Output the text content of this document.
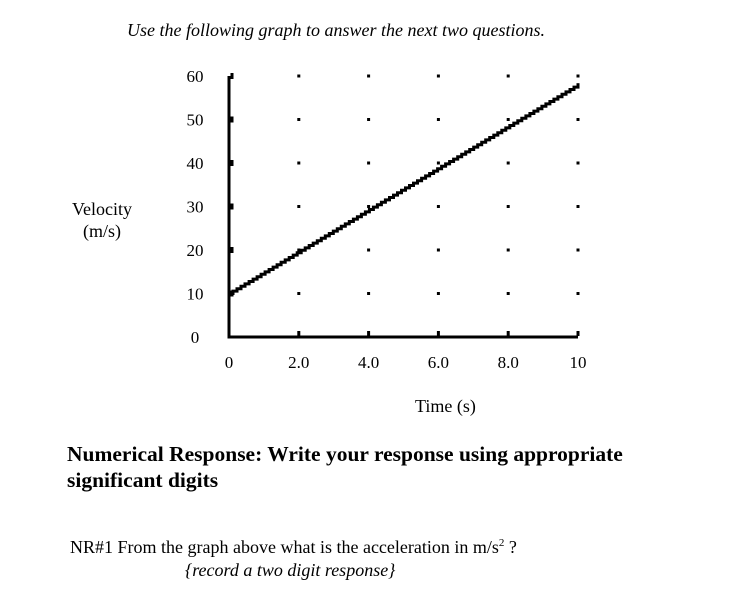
Use the following graph to answer the next two questions.
Velocity
(m/s)
0
10
20
30
40
50
60
0	2.0	4.0	6.0	8.0	10
Time (s)
Numerical Response: Write your response using appropriate significant digits
NR#1 From the graph above what is the acceleration in $m/s^2$ ?
{record a two digit response}
